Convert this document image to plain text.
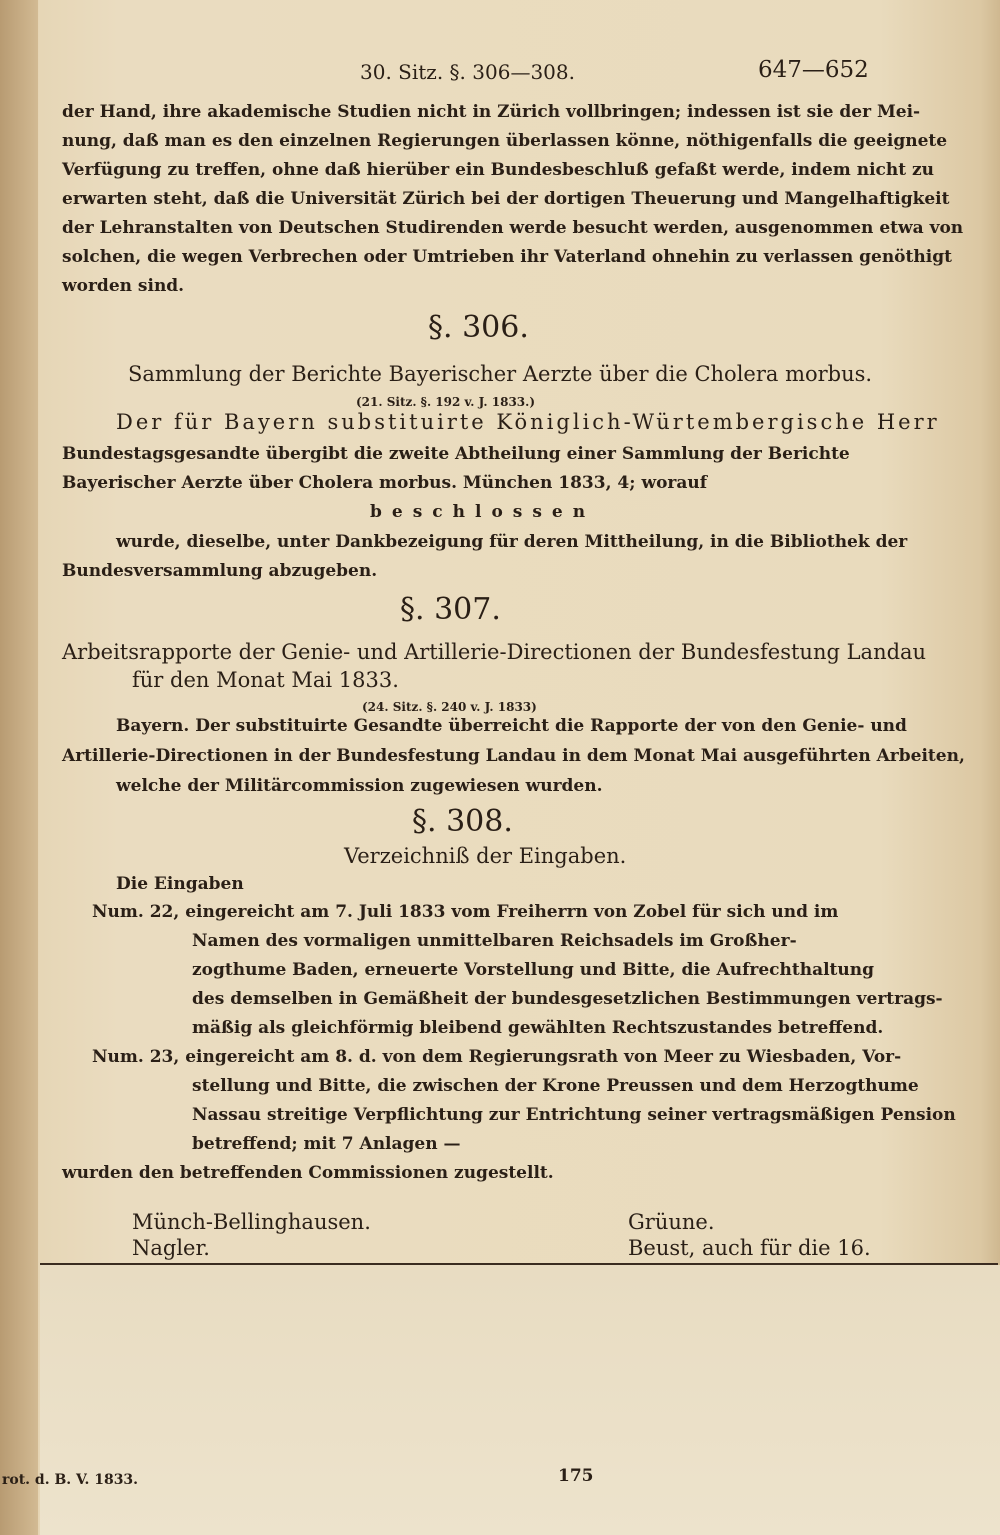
30. Sitz. §. 306—308.	647—652
der Hand, ihre akademische Studien nicht in Zürich vollbringen; indessen ist sie der Mei-
nung, daß man es den einzelnen Regierungen überlassen könne, nöthigenfalls die geeignete
Verfügung zu treffen, ohne daß hierüber ein Bundesbeschluß gefaßt werde, indem nicht zu
erwarten steht, daß die Universität Zürich bei der dortigen Theuerung und Mangelhaftigkeit
der Lehranstalten von Deutschen Studirenden werde besucht werden, ausgenommen etwa von
solchen, die wegen Verbrechen oder Umtrieben ihr Vaterland ohnehin zu verlassen genöthigt
worden sind.
§. 306.
Sammlung der Berichte Bayerischer Aerzte über die Cholera morbus.
(21. Sitz. §. 192 v. J. 1833.)
Der für Bayern substituirte Königlich-Würtembergische Herr
Bundestagsgesandte übergibt die zweite Abtheilung einer Sammlung der Berichte
Bayerischer Aerzte über Cholera morbus. München 1833, 4; worauf
beschlossen
wurde, dieselbe, unter Dankbezeigung für deren Mittheilung, in die Bibliothek der
Bundesversammlung abzugeben.
§. 307.
Arbeitsrapporte der Genie- und Artillerie-Directionen der Bundesfestung Landau
für den Monat Mai 1833.
(24. Sitz. §. 240 v. J. 1833)
Bayern. Der substituirte Gesandte überreicht die Rapporte der von den Genie- und
Artillerie-Directionen in der Bundesfestung Landau in dem Monat Mai ausgeführten Arbeiten,
welche der Militärcommission zugewiesen wurden.
§. 308.
Verzeichniß der Eingaben.
Die Eingaben
Num. 22, eingereicht am 7. Juli 1833 vom Freiherrn von Zobel für sich und im
Namen des vormaligen unmittelbaren Reichsadels im Großher-
zogthume Baden, erneuerte Vorstellung und Bitte, die Aufrechthaltung
des demselben in Gemäßheit der bundesgesetzlichen Bestimmungen vertrags-
mäßig als gleichförmig bleibend gewählten Rechtszustandes betreffend.
Num. 23, eingereicht am 8. d. von dem Regierungsrath von Meer zu Wiesbaden, Vor-
stellung und Bitte, die zwischen der Krone Preussen und dem Herzogthume
Nassau streitige Verpflichtung zur Entrichtung seiner vertragsmäßigen Pension
betreffend; mit 7 Anlagen —
wurden den betreffenden Commissionen zugestellt.
Münch-Bellinghausen.
Nagler.
Grüune.
Beust, auch für die 16.
rot. d. B. V. 1833.	175
